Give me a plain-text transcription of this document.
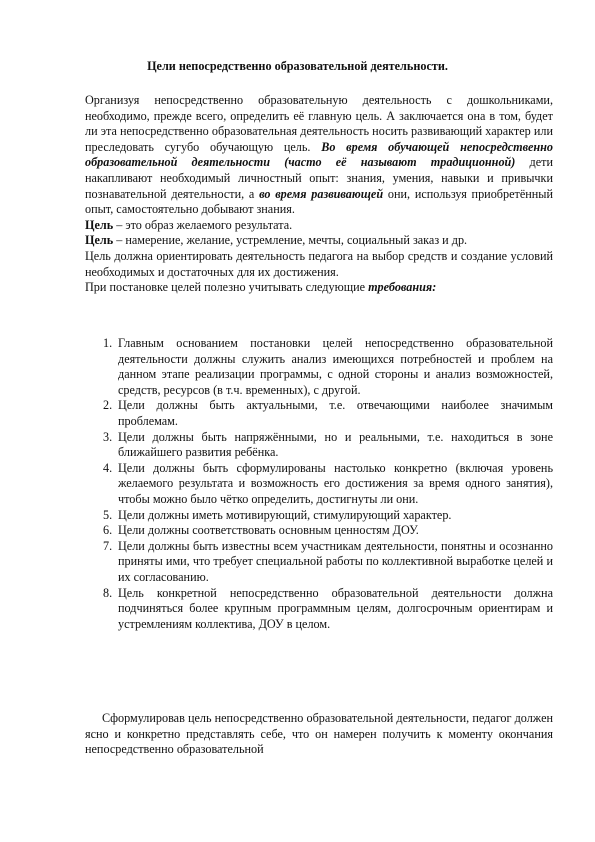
Цели непосредственно образовательной деятельности.

Организуя непосредственно образовательную деятельность с дошкольниками, необходимо, прежде всего, определить её главную цель. А заключается она в том, будет ли эта непосредственно образовательная деятельность носить развивающий характер или преследовать сугубо обучающую цель. Во время обучающей непосредственно образовательной деятельности (часто её называют традиционной) дети накапливают необходимый личностный опыт: знания, умения, навыки и привычки познавательной деятельности, а во время развивающей они, используя приобретённый опыт, самостоятельно добывают знания.

Цель – это образ желаемого результата.

Цель – намерение, желание, устремление, мечты, социальный заказ и др.

Цель должна ориентировать деятельность педагога на выбор средств и создание условий необходимых и достаточных для их достижения.

При постановке целей полезно учитывать следующие требования:

1. Главным основанием постановки целей непосредственно образовательной деятельности должны служить анализ имеющихся потребностей и проблем на данном этапе реализации программы, с одной стороны и анализ возможностей, средств, ресурсов (в т.ч. временных), с другой.
2. Цели должны быть актуальными, т.е. отвечающими наиболее значимым проблемам.
3. Цели должны быть напряжёнными, но и реальными, т.е. находиться в зоне ближайшего развития ребёнка.
4. Цели должны быть сформулированы настолько конкретно (включая уровень желаемого результата и возможность его достижения за время одного занятия), чтобы можно было чётко определить, достигнуты ли они.
5. Цели должны иметь мотивирующий, стимулирующий характер.
6. Цели должны соответствовать основным ценностям ДОУ.
7. Цели должны быть известны всем участникам деятельности, понятны и осознанно приняты ими, что требует специальной работы по коллективной выработке целей и их согласованию.
8. Цель конкретной непосредственно образовательной деятельности должна подчиняться более крупным программным целям, долгосрочным ориентирам и устремлениям коллектива, ДОУ в целом.

Сформулировав цель непосредственно образовательной деятельности, педагог должен ясно и конкретно представлять себе, что он намерен получить к моменту окончания непосредственно образовательной
